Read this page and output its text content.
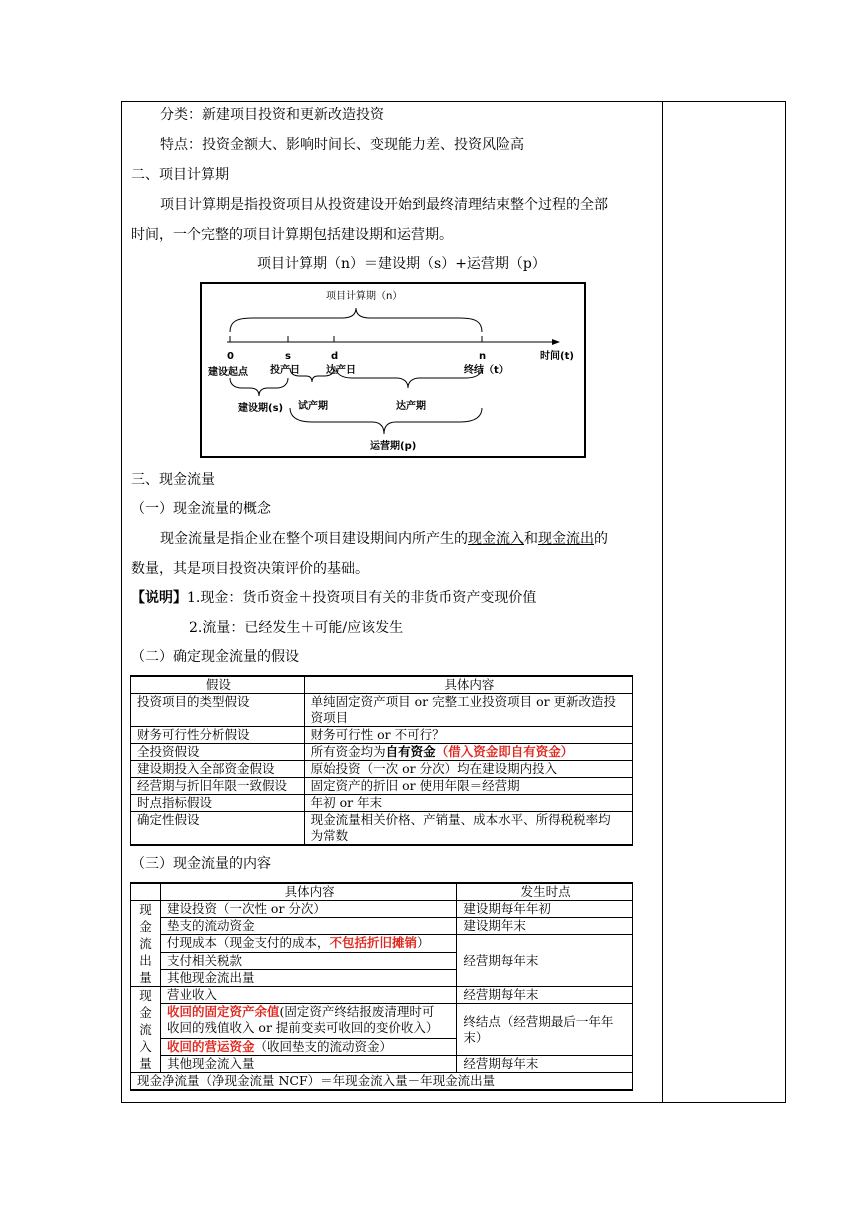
分类：新建项目投资和更新改造投资
特点：投资金额大、影响时间长、变现能力差、投资风险高
二、项目计算期
项目计算期是指投资项目从投资建设开始到最终清理结束整个过程的全部
时间，一个完整的项目计算期包括建设期和运营期。
项目计算期（n）＝建设期（s）+运营期（p）
项目计算期（n）
0	s	d	n	时间(t)
建设起点 投产日	达产日	终结（t）
建设期(s) 试产期	达产期
运营期(p)
三、现金流量
（一）现金流量的概念
现金流量是指企业在整个项目建设期间内所产生的现金流入和现金流出的
数量，其是项目投资决策评价的基础。
【说明】1.现金：货币资金＋投资项目有关的非货币资产变现价值
2.流量：已经发生＋可能/应该发生
（二）确定现金流量的假设
假设	具体内容
投资项目的类型假设	单纯固定资产项目 or 完整工业投资项目 or 更新改造投
资项目
财务可行性分析假设	财务可行性 or 不可行？
全投资假设	所有资金均为自有资金（借入资金即自有资金）
建设期投入全部资金假设	原始投资（一次 or 分次）均在建设期内投入
经营期与折旧年限一致假设	固定资产的折旧 or 使用年限＝经营期
时点指标假设	年初 or 年末
确定性假设	现金流量相关价格、产销量、成本水平、所得税税率均
为常数
（三）现金流量的内容
	具体内容	发生时点
现
金
流
出
量	建设投资（一次性 or 分次）	建设期每年年初
	垫支的流动资金	建设期年末
	付现成本（现金支付的成本，不包括折旧摊销）	经营期每年末
	支付相关税款	
	其他现金流出量	
现
金
流
入
量	营业收入	经营期每年末
	收回的固定资产余值(固定资产终结报废清理时可
收回的残值收入 or 提前变卖可收回的变价收入）	终结点（经营期最后一年年
末）
	收回的营运资金（收回垫支的流动资金）	
	其他现金流入量	经营期每年末
现金净流量（净现金流量 NCF）＝年现金流入量－年现金流出量		
